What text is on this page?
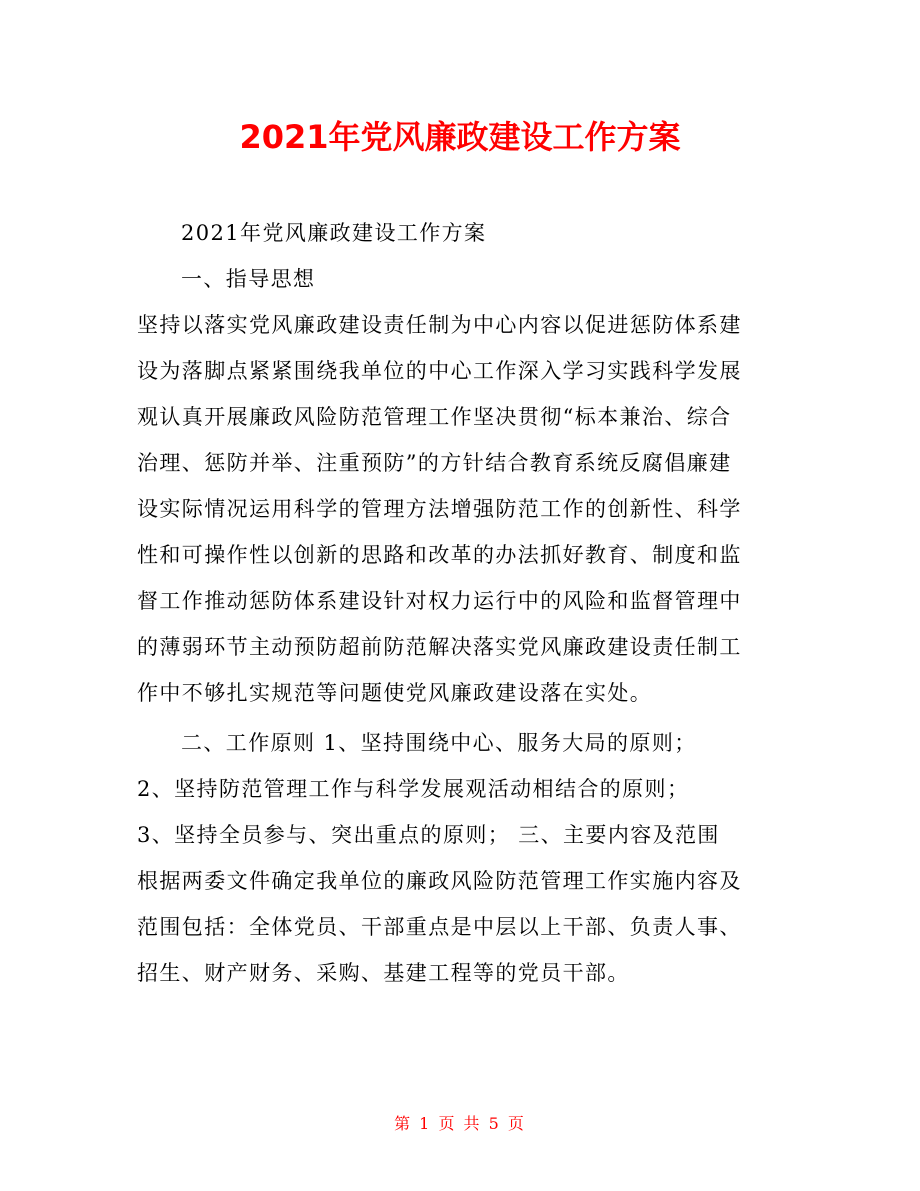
2021年党风廉政建设工作方案
2021年党风廉政建设工作方案
一、指导思想
坚持以落实党风廉政建设责任制为中心内容以促进惩防体系建
设为落脚点紧紧围绕我单位的中心工作深入学习实践科学发展
观认真开展廉政风险防范管理工作坚决贯彻“标本兼治、综合
治理、惩防并举、注重预防”的方针结合教育系统反腐倡廉建
设实际情况运用科学的管理方法增强防范工作的创新性、科学
性和可操作性以创新的思路和改革的办法抓好教育、制度和监
督工作推动惩防体系建设针对权力运行中的风险和监督管理中
的薄弱环节主动预防超前防范解决落实党风廉政建设责任制工
作中不够扎实规范等问题使党风廉政建设落在实处。
二、工作原则 1、坚持围绕中心、服务大局的原则；
2、坚持防范管理工作与科学发展观活动相结合的原则；
3、坚持全员参与、突出重点的原则； 三、主要内容及范围
根据两委文件确定我单位的廉政风险防范管理工作实施内容及
范围包括：全体党员、干部重点是中层以上干部、负责人事、
招生、财产财务、采购、基建工程等的党员干部。
第 1 页 共 5 页
